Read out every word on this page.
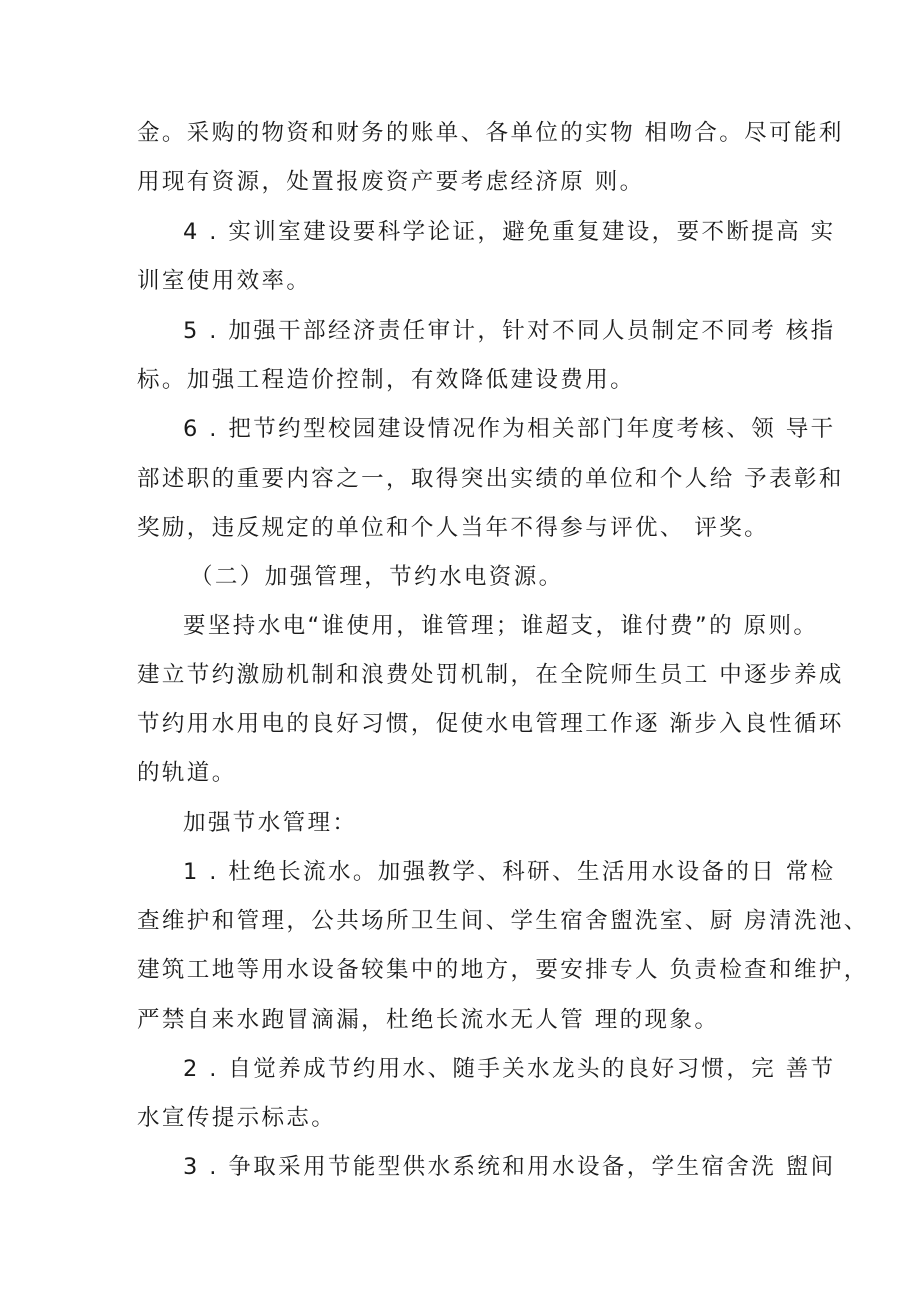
金。采购的物资和财务的账单、各单位的实物 相吻合。尽可能利
用现有资源，处置报废资产要考虑经济原 则。
4 . 实训室建设要科学论证，避免重复建设，要不断提高 实
训室使用效率。
5 . 加强干部经济责任审计，针对不同人员制定不同考 核指
标。加强工程造价控制，有效降低建设费用。
6 . 把节约型校园建设情况作为相关部门年度考核、领 导干
部述职的重要内容之一，取得突出实绩的单位和个人给 予表彰和
奖励，违反规定的单位和个人当年不得参与评优、 评奖。
（二）加强管理，节约水电资源。
要坚持水电“谁使用，谁管理；谁超支，谁付费”的 原则。
建立节约激励机制和浪费处罚机制，在全院师生员工 中逐步养成
节约用水用电的良好习惯，促使水电管理工作逐 渐步入良性循环
的轨道。
加强节水管理：
1 . 杜绝长流水。加强教学、科研、生活用水设备的日 常检
查维护和管理，公共场所卫生间、学生宿舍盥洗室、厨 房清洗池、
建筑工地等用水设备较集中的地方，要安排专人 负责检查和维护，
严禁自来水跑冒滴漏，杜绝长流水无人管 理的现象。
2 . 自觉养成节约用水、随手关水龙头的良好习惯，完 善节
水宣传提示标志。
3 . 争取采用节能型供水系统和用水设备，学生宿舍洗 盥间
